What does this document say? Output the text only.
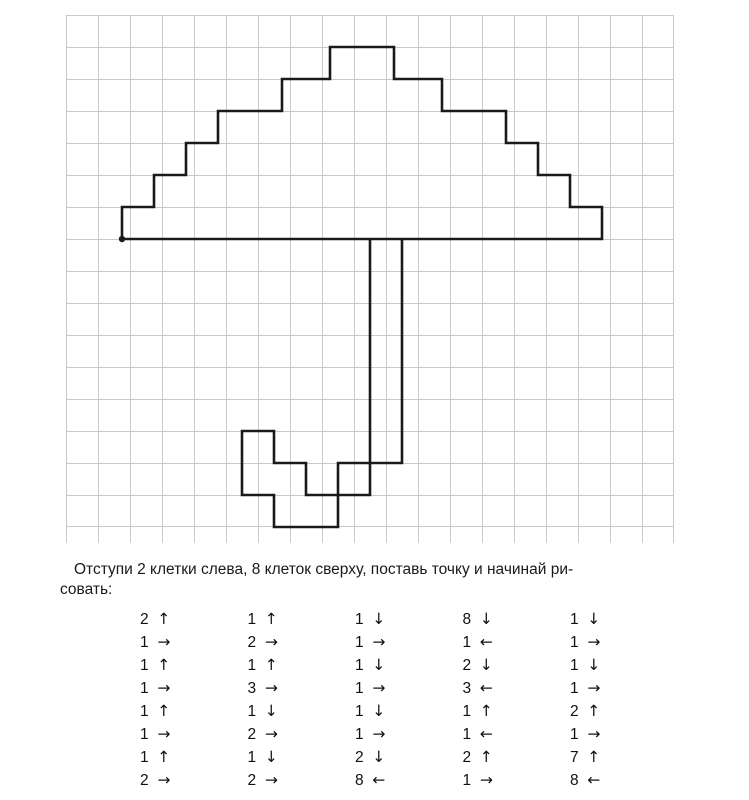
Отступи 2 клетки слева, 8 клеток сверху, поставь точку и начинай ри-
совать:
2	↑		1	↑		1	↓		8	↓		1	↓
1	→		2	→		1	→		1	←		1	→
1	↑		1	↑		1	↓		2	↓		1	↓
1	→		3	→		1	→		3	←		1	→
1	↑		1	↓		1	↓		1	↑		2	↑
1	→		2	→		1	→		1	←		1	→
1	↑		1	↓		2	↓		2	↑		7	↑
2	→		2	→		8	←		1	→		8	←
